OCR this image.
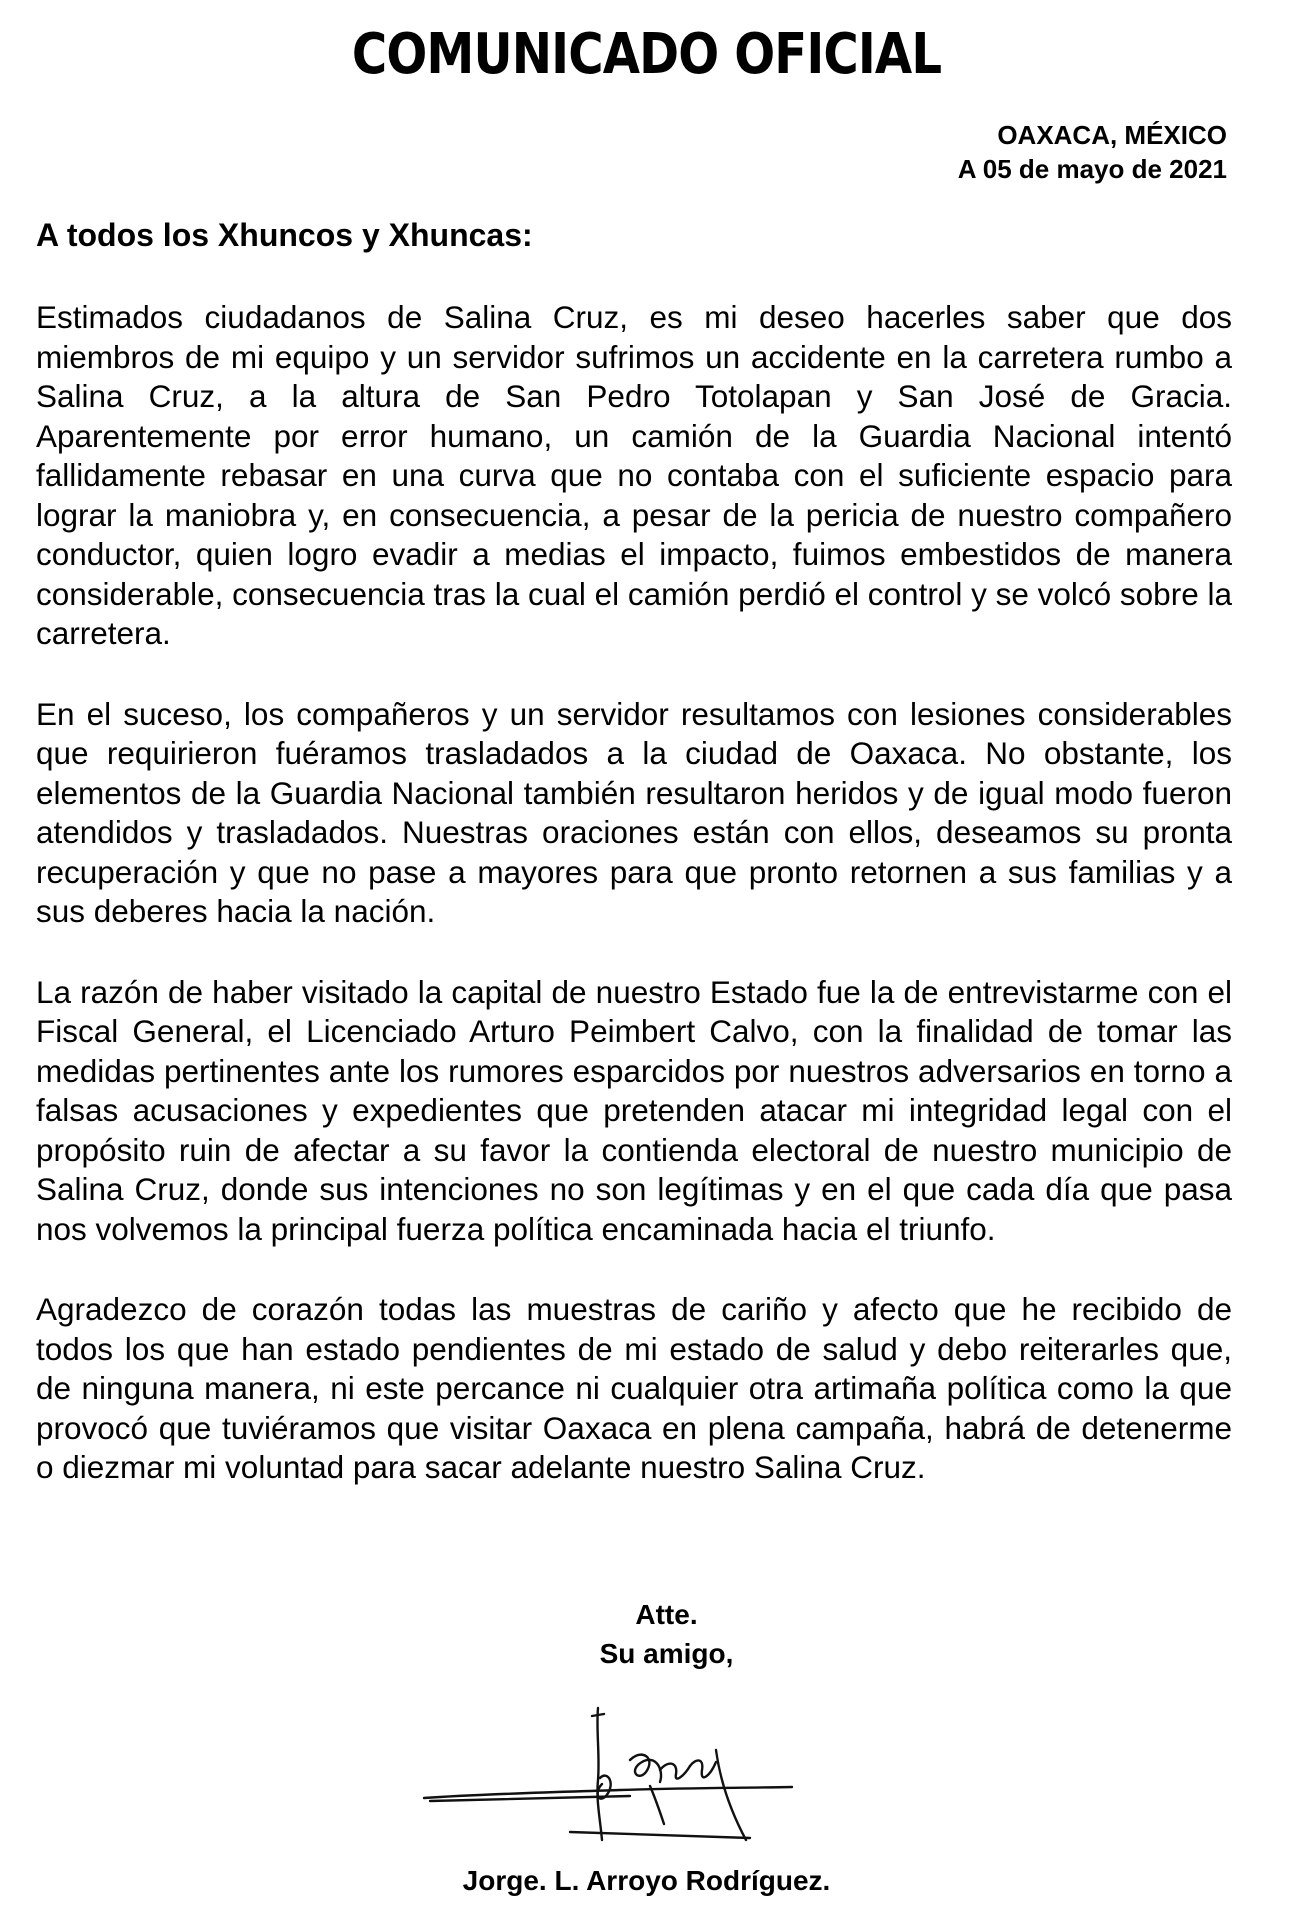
COMUNICADO OFICIAL
OAXACA, MÉXICO
A 05 de mayo de 2021
A todos los Xhuncos y Xhuncas:

Estimados ciudadanos de Salina Cruz, es mi deseo hacerles saber que dos miembros de mi equipo y un servidor sufrimos un accidente en la carretera rumbo a Salina Cruz, a la altura de San Pedro Totolapan y San José de Gracia. Aparentemente por error humano, un camión de la Guardia Nacional intentó fallidamente rebasar en una curva que no contaba con el suficiente espacio para lograr la maniobra y, en consecuencia, a pesar de la pericia de nuestro compañero conductor, quien logro evadir a medias el impacto, fuimos embestidos de manera considerable, consecuencia tras la cual el camión perdió el control y se volcó sobre la carretera.

En el suceso, los compañeros y un servidor resultamos con lesiones considerables que requirieron fuéramos trasladados a la ciudad de Oaxaca. No obstante, los elementos de la Guardia Nacional también resultaron heridos y de igual modo fueron atendidos y trasladados. Nuestras oraciones están con ellos, deseamos su pronta recuperación y que no pase a mayores para que pronto retornen a sus familias y a sus deberes hacia la nación.

La razón de haber visitado la capital de nuestro Estado fue la de entrevistarme con el Fiscal General, el Licenciado Arturo Peimbert Calvo, con la finalidad de tomar las medidas pertinentes ante los rumores esparcidos por nuestros adversarios en torno a falsas acusaciones y expedientes que pretenden atacar mi integridad legal con el propósito ruin de afectar a su favor la contienda electoral de nuestro municipio de Salina Cruz, donde sus intenciones no son legítimas y en el que cada día que pasa nos volvemos la principal fuerza política encaminada hacia el triunfo.

Agradezco de corazón todas las muestras de cariño y afecto que he recibido de todos los que han estado pendientes de mi estado de salud y debo reiterarles que, de ninguna manera, ni este percance ni cualquier otra artimaña política como la que provocó que tuviéramos que visitar Oaxaca en plena campaña, habrá de detenerme o diezmar mi voluntad para sacar adelante nuestro Salina Cruz.

Atte.
Su amigo,

Jorge. L. Arroyo Rodríguez.
